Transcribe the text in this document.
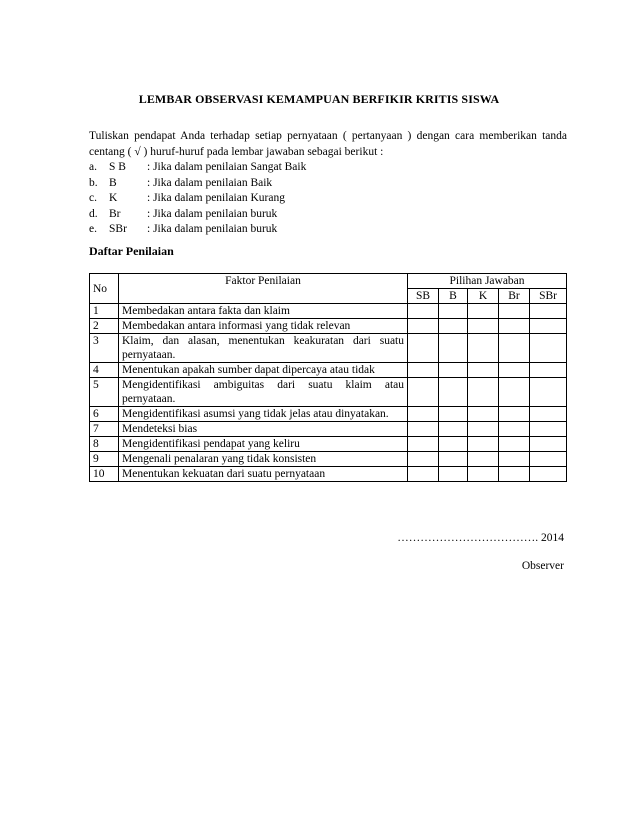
LEMBAR OBSERVASI KEMAMPUAN BERFIKIR KRITIS SISWA

Tuliskan pendapat Anda terhadap setiap pernyataan ( pertanyaan ) dengan cara memberikan tanda centang ( √ ) huruf-huruf pada lembar jawaban sebagai berikut :

a. S B : Jika dalam penilaian Sangat Baik
b. B	: Jika dalam penilaian Baik
c. K	: Jika dalam penilaian Kurang
d. Br : Jika dalam penilaian buruk
e. SBr : Jika dalam penilaian buruk
Daftar Penilaian
No	Faktor Penilaian	Pilihan Jawaban				
		SB	B	K	Br	SBr
1	Membedakan antara fakta dan klaim					
2	Membedakan antara informasi yang tidak relevan					
3	Klaim, dan alasan, menentukan keakuratan dari suatu pernyataan.					
4	Menentukan apakah sumber dapat dipercaya atau tidak					
5	Mengidentifikasi ambiguitas dari suatu klaim atau pernyataan.					
6	Mengidentifikasi asumsi yang tidak jelas atau dinyatakan.					
7	Mendeteksi bias					
8	Mengidentifikasi pendapat yang keliru					
9	Mengenali penalaran yang tidak konsisten					
10	Menentukan kekuatan dari suatu pernyataan					
………………………………. 2014
Observer
